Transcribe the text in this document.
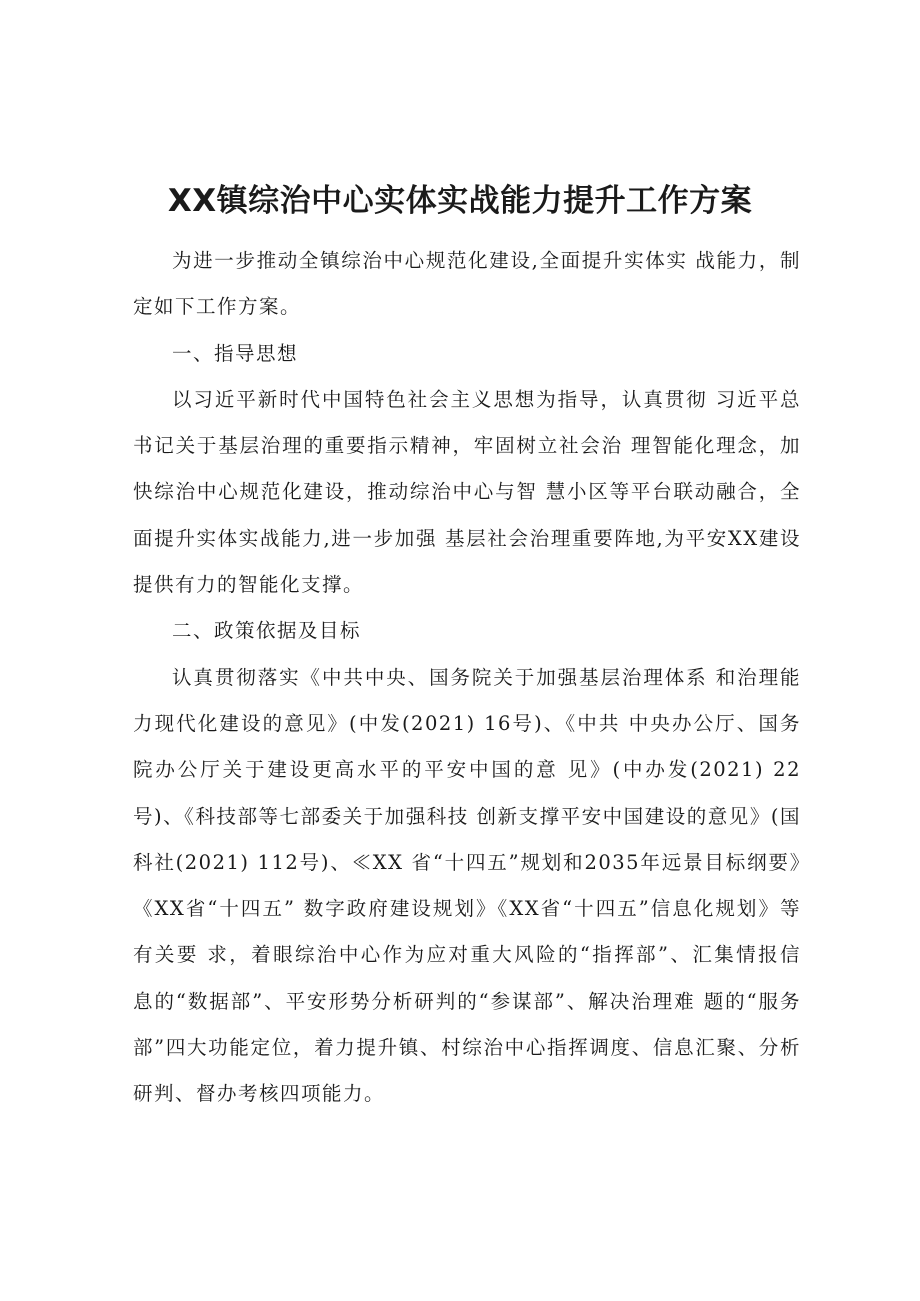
XX镇综治中心实体实战能力提升工作方案

为进一步推动全镇综治中心规范化建设,全面提升实体实 战能力，制定如下工作方案。

一、指导思想

以习近平新时代中国特色社会主义思想为指导，认真贯彻 习近平总书记关于基层治理的重要指示精神，牢固树立社会治 理智能化理念，加快综治中心规范化建设，推动综治中心与智 慧小区等平台联动融合，全面提升实体实战能力,进一步加强 基层社会治理重要阵地,为平安XX建设提供有力的智能化支撑。

二、政策依据及目标

认真贯彻落实《中共中央、国务院关于加强基层治理体系 和治理能力现代化建设的意见》(中发(2021) 16号)、《中共 中央办公厅、国务院办公厅关于建设更高水平的平安中国的意 见》(中办发(2021) 22号)、《科技部等七部委关于加强科技 创新支撑平安中国建设的意见》(国科社(2021) 112号)、≪XX 省“十四五”规划和2035年远景目标纲要》《XX省“十四五” 数字政府建设规划》《XX省“十四五”信息化规划》等有关要 求，着眼综治中心作为应对重大风险的“指挥部”、汇集情报信 息的“数据部”、平安形势分析研判的“参谋部”、解决治理难 题的“服务部”四大功能定位，着力提升镇、村综治中心指挥调度、信息汇聚、分析研判、督办考核四项能力。
